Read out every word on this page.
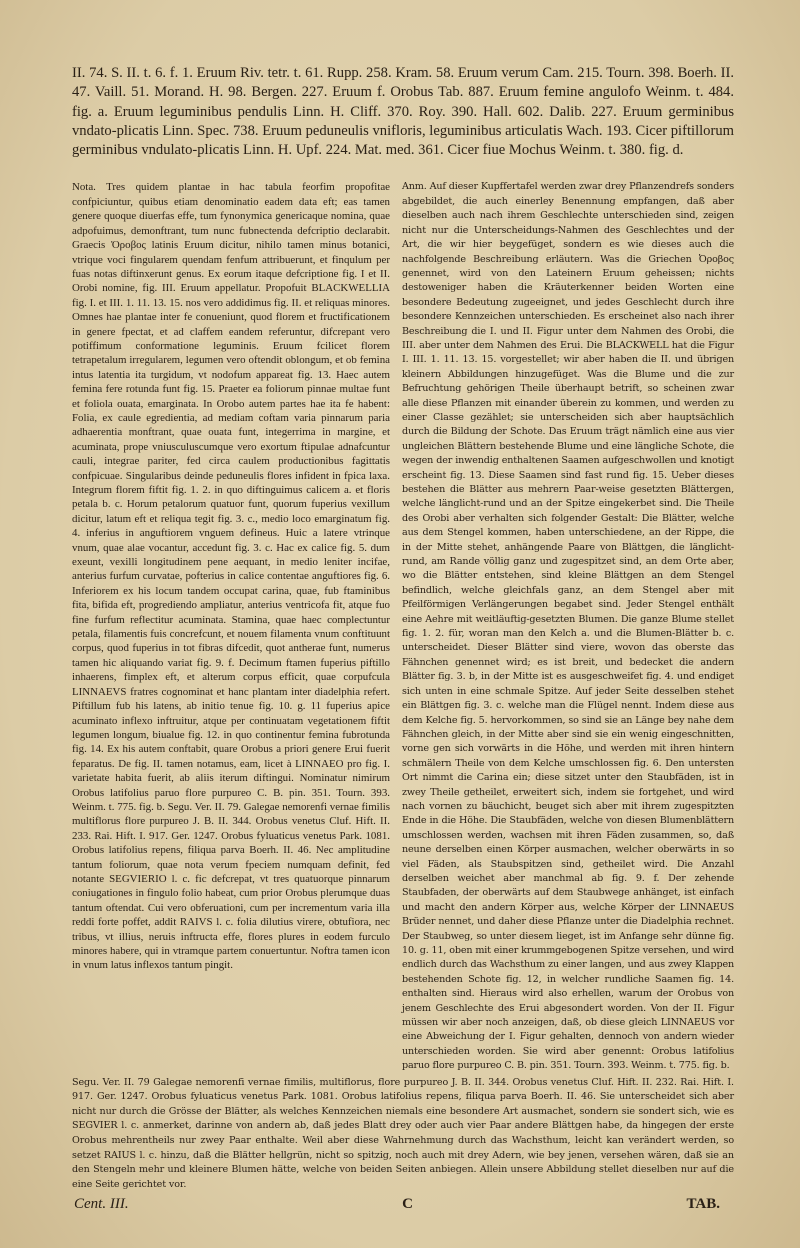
II. 74. S. II. t. 6. f. 1. Eruum Riv. tetr. t. 61. Rupp. 258. Kram. 58. Eruum verum Cam. 215. Tourn. 398. Boerh. II. 47. Vaill. 51. Morand. H. 98. Bergen. 227. Eruum f. Orobus Tab. 887. Eruum femine angulofo Weinm. t. 484. fig. a. Eruum leguminibus pendulis Linn. H. Cliff. 370. Roy. 390. Hall. 602. Dalib. 227. Eruum germinibus vndato-plicatis Linn. Spec. 738. Eruum peduneulis vnifloris, leguminibus articulatis Wach. 193. Cicer piftillorum germinibus vndulato-plicatis Linn. H. Upf. 224. Mat. med. 361. Cicer fiue Mochus Weinm. t. 380. fig. d.

Nota. Tres quidem plantae in hac tabula feorfim propofitae confpiciuntur, quibus etiam denominatio eadem data eft; eas tamen genere quoque diuerfas effe, tum fynonymica genericaque nomina, quae adpofuimus, demonftrant, tum nunc fubnectenda defcriptio declarabit. Graecis Ὀροβος latinis Eruum dicitur, nihilo tamen minus botanici, vtrique voci fingularem quendam fenfum attribuerunt, et finqulum per fuas notas diftinxerunt genus. Ex eorum itaque defcriptione fig. I et II. Orobi nomine, fig. III. Eruum appellatur. Propofuit BLACKWELLIA fig. I. et III. 1. 11. 13. 15. nos vero addidimus fig. II. et reliquas minores. Omnes hae plantae inter fe conueniunt, quod florem et fructificationem in genere fpectat, et ad claffem eandem referuntur, difcrepant vero potiffimum conformatione leguminis. Eruum fcilicet florem tetrapetalum irregularem, legumen vero oftendit oblongum, et ob femina intus latentia ita turgidum, vt nodofum appareat fig. 13. Haec autem femina fere rotunda funt fig. 15. Praeter ea foliorum pinnae multae funt et foliola ouata, emarginata. In Orobo autem partes hae ita fe habent: Folia, ex caule egredientia, ad mediam coftam varia pinnarum paria adhaerentia monftrant, quae ouata funt, integerrima in margine, et acuminata, prope vniusculuscumque vero exortum ftipulae adnafcuntur cauli, integrae pariter, fed circa caulem productionibus fagittatis confpicuae. Singularibus deinde peduneulis flores infident in fpica laxa. Integrum florem fiftit fig. 1. 2. in quo diftinguimus calicem a. et floris petala b. c. Horum petalorum quatuor funt, quorum fuperius vexillum dicitur, latum eft et reliqua tegit fig. 3. c., medio loco emarginatum fig. 4. inferius in anguftiorem vnguem defineus. Huic a latere vtrinque vnum, quae alae vocantur, accedunt fig. 3. c. Hac ex calice fig. 5. dum exeunt, vexilli longitudinem pene aequant, in medio leniter incifae, anterius furfum curvatae, pofterius in calice contentae anguftiores fig. 6. Inferiorem ex his locum tandem occupat carina, quae, fub ftaminibus fita, bifida eft, progrediendo ampliatur, anterius ventricofa fit, atque fuo fine furfum reflectitur acuminata. Stamina, quae haec complectuntur petala, filamentis fuis concrefcunt, et nouem filamenta vnum conftituunt corpus, quod fuperius in tot fibras difcedit, quot antherae funt, numerus tamen hic aliquando variat fig. 9. f. Decimum ftamen fuperius piftillo inhaerens, fimplex eft, et alterum corpus efficit, quae corpufcula LINNAEVS fratres cognominat et hanc plantam inter diadelphia refert. Piftillum fub his latens, ab initio tenue fig. 10. g. 11 fuperius apice acuminato inflexo inftruitur, atque per continuatam vegetationem fiftit legumen longum, biualue fig. 12. in quo continentur femina fubrotunda fig. 14. Ex his autem conftabit, quare Orobus a priori genere Erui fuerit feparatus. De fig. II. tamen notamus, eam, licet à LINNAEO pro fig. I. varietate habita fuerit, ab aliis iterum diftingui. Nominatur nimirum Orobus latifolius paruo flore purpureo C. B. pin. 351. Tourn. 393. Weinm. t. 775. fig. b. Segu. Ver. II. 79. Galegae nemorenfi vernae fimilis multiflorus flore purpureo J. B. II. 344. Orobus venetus Cluf. Hift. II. 233. Rai. Hift. I. 917. Ger. 1247. Orobus fyluaticus venetus Park. 1081. Orobus latifolius repens, filiqua parva Boerh. II. 46. Nec amplitudine tantum foliorum, quae nota verum fpeciem numquam definit, fed notante SEGVIERIO l. c. fic defcrepat, vt tres quatuorque pinnarum coniugationes in fingulo folio habeat, cum prior Orobus plerumque duas tantum oftendat. Cui vero obferuationi, cum per incrementum varia illa reddi forte poffet, addit RAIVS l. c. folia dilutius virere, obtufiora, nec tribus, vt illius, neruis inftructa effe, flores plures in eodem furculo minores habere, qui in vtramque partem conuertuntur. Noftra tamen icon in vnum latus inflexos tantum pingit.

Anm. Auf dieser Kupffertafel werden zwar drey Pflanzendrefs sonders abgebildet, die auch einerley Benennung empfangen, daß aber dieselben auch nach ihrem Geschlechte unterschieden sind, zeigen nicht nur die Unterscheidungs-Nahmen des Geschlechtes und der Art, die wir hier beygefüget, sondern es wie dieses auch die nachfolgende Beschreibung erläutern. Was die Griechen Ὀροβος genennet, wird von den Lateinern Eruum geheissen; nichts destoweniger haben die Kräuterkenner beiden Worten eine besondere Bedeutung zugeeignet, und jedes Geschlecht durch ihre besondere Kennzeichen unterschieden. Es erscheinet also nach ihrer Beschreibung die I. und II. Figur unter dem Nahmen des Orobi, die III. aber unter dem Nahmen des Erui. Die BLACKWELL hat die Figur I. III. 1. 11. 13. 15. vorgestellet; wir aber haben die II. und übrigen kleinern Abbildungen hinzugefüget. Was die Blume und die zur Befruchtung gehörigen Theile überhaupt betrift, so scheinen zwar alle diese Pflanzen mit einander überein zu kommen, und werden zu einer Classe gezählet; sie unterscheiden sich aber hauptsächlich durch die Bildung der Schote. Das Eruum trägt nämlich eine aus vier ungleichen Blättern bestehende Blume und eine längliche Schote, die wegen der inwendig enthaltenen Saamen aufgeschwollen und knotigt erscheint fig. 13. Diese Saamen sind fast rund fig. 15. Ueber dieses bestehen die Blätter aus mehrern Paar-weise gesetzten Blättergen, welche länglicht-rund und an der Spitze eingekerbet sind. Die Theile des Orobi aber verhalten sich folgender Gestalt: Die Blätter, welche aus dem Stengel kommen, haben unterschiedene, an der Rippe, die in der Mitte stehet, anhängende Paare von Blättgen, die länglicht-rund, am Rande völlig ganz und zugespitzet sind, an dem Orte aber, wo die Blätter entstehen, sind kleine Blättgen an dem Stengel befindlich, welche gleichfals ganz, an dem Stengel aber mit Pfeilförmigen Verlängerungen begabet sind. Jeder Stengel enthält eine Aehre mit weitläuftig-gesetzten Blumen. Die ganze Blume stellet fig. 1. 2. für, woran man den Kelch a. und die Blumen-Blätter b. c. unterscheidet. Dieser Blätter sind viere, wovon das oberste das Fähnchen genennet wird; es ist breit, und bedecket die andern Blätter fig. 3. b, in der Mitte ist es ausgeschweifet fig. 4. und endiget sich unten in eine schmale Spitze. Auf jeder Seite desselben stehet ein Blättgen fig. 3. c. welche man die Flügel nennt. Indem diese aus dem Kelche fig. 5. hervorkommen, so sind sie an Länge bey nahe dem Fähnchen gleich, in der Mitte aber sind sie ein wenig eingeschnitten, vorne gen sich vorwärts in die Höhe, und werden mit ihren hintern schmälern Theile von dem Kelche umschlossen fig. 6. Den untersten Ort nimmt die Carina ein; diese sitzet unter den Staubfäden, ist in zwey Theile getheilet, erweitert sich, indem sie fortgehet, und wird nach vornen zu bäuchicht, beuget sich aber mit ihrem zugespitzten Ende in die Höhe. Die Staubfäden, welche von diesen Blumenblättern umschlossen werden, wachsen mit ihren Fäden zusammen, so, daß neune derselben einen Körper ausmachen, welcher oberwärts in so viel Fäden, als Staubspitzen sind, getheilet wird. Die Anzahl derselben weichet aber manchmal ab fig. 9. f. Der zehende Staubfaden, der oberwärts auf dem Staubwege anhänget, ist einfach und macht den andern Körper aus, welche Körper der LINNAEUS Brüder nennet, und daher diese Pflanze unter die Diadelphia rechnet. Der Staubweg, so unter diesem lieget, ist im Anfange sehr dünne fig. 10. g. 11, oben mit einer krummgebogenen Spitze versehen, und wird endlich durch das Wachsthum zu einer langen, und aus zwey Klappen bestehenden Schote fig. 12, in welcher rundliche Saamen fig. 14. enthalten sind. Hieraus wird also erhellen, warum der Orobus von jenem Geschlechte des Erui abgesondert worden. Von der II. Figur müssen wir aber noch anzeigen, daß, ob diese gleich LINNAEUS vor eine Abweichung der I. Figur gehalten, dennoch von andern wieder unterschieden worden. Sie wird aber genennt: Orobus latifolius paruo flore purpureo C. B. pin. 351. Tourn. 393. Weinm. t. 775. fig. b.

Segu. Ver. II. 79 Galegae nemorenfi vernae fimilis, multiflorus, flore purpureo J. B. II. 344. Orobus venetus Cluf. Hift. II. 232. Rai. Hift. I. 917. Ger. 1247. Orobus fyluaticus venetus Park. 1081. Orobus latifolius repens, filiqua parva Boerh. II. 46. Sie unterscheidet sich aber nicht nur durch die Grösse der Blätter, als welches Kennzeichen niemals eine besondere Art ausmachet, sondern sie sondert sich, wie es SEGVIER l. c. anmerket, darinne von andern ab, daß jedes Blatt drey oder auch vier Paar andere Blättgen habe, da hingegen der erste Orobus mehrentheils nur zwey Paar enthalte. Weil aber diese Wahrnehmung durch das Wachsthum, leicht kan verändert werden, so setzet RAIUS l. c. hinzu, daß die Blätter hellgrün, nicht so spitzig, noch auch mit drey Adern, wie bey jenen, versehen wären, daß sie an den Stengeln mehr und kleinere Blumen hätte, welche von beiden Seiten anbiegen. Allein unsere Abbildung stellet dieselben nur auf die eine Seite gerichtet vor.

Cent. III.	C	TAB.
